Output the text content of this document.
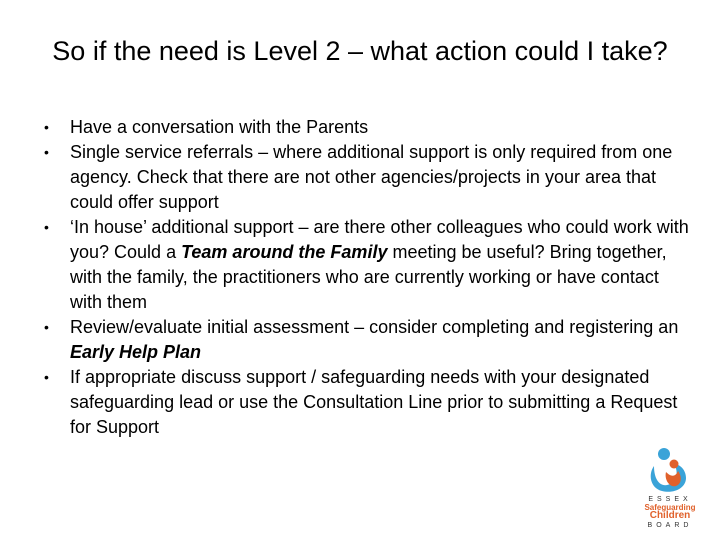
So if the need is Level 2 – what action could I take?
• Have a conversation with the Parents
• Single service referrals – where additional support is only required from one agency. Check that there are not other agencies/projects in your area that could offer support
• ‘In house’ additional support – are there other colleagues who could work with you? Could a Team around the Family meeting be useful? Bring together, with the family, the practitioners who are currently working or have contact with them
• Review/evaluate initial assessment – consider completing and registering an Early Help Plan
• If appropriate discuss support / safeguarding needs with your designated safeguarding lead or use the Consultation Line prior to submitting a Request for Support
ESSEX
Safeguarding
Children
BOARD
